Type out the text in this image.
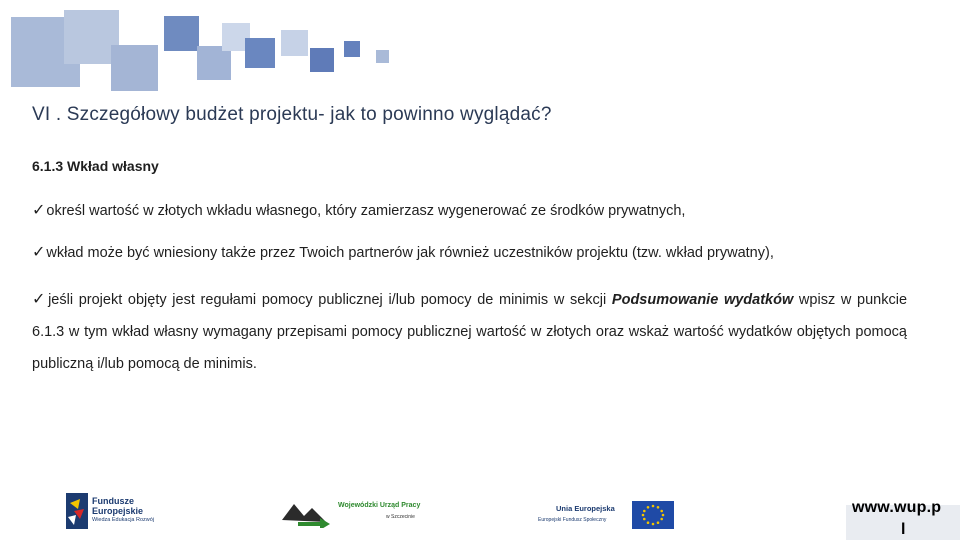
VI . Szczegółowy budżet projektu- jak to powinno wyglądać?
6.1.3 Wkład własny
✓określ wartość w złotych wkładu własnego, który zamierzasz wygenerować ze środków prywatnych,
✓wkład może być wniesiony także przez Twoich partnerów jak również uczestników projektu (tzw. wkład prywatny),
✓jeśli projekt objęty jest regułami pomocy publicznej i/lub pomocy de minimis w sekcji Podsumowanie wydatków wpisz w punkcie 6.1.3 w tym wkład własny wymagany przepisami pomocy publicznej wartość w złotych oraz wskaż wartość wydatków objętych pomocą publiczną i/lub pomocą de minimis.
Fundusze
Europejskie
Wiedza Edukacja Rozwój
Wojewódzki Urząd Pracy
w Szczecinie
Unia Europejska
Europejski Fundusz Społeczny
www.wup.p
l
